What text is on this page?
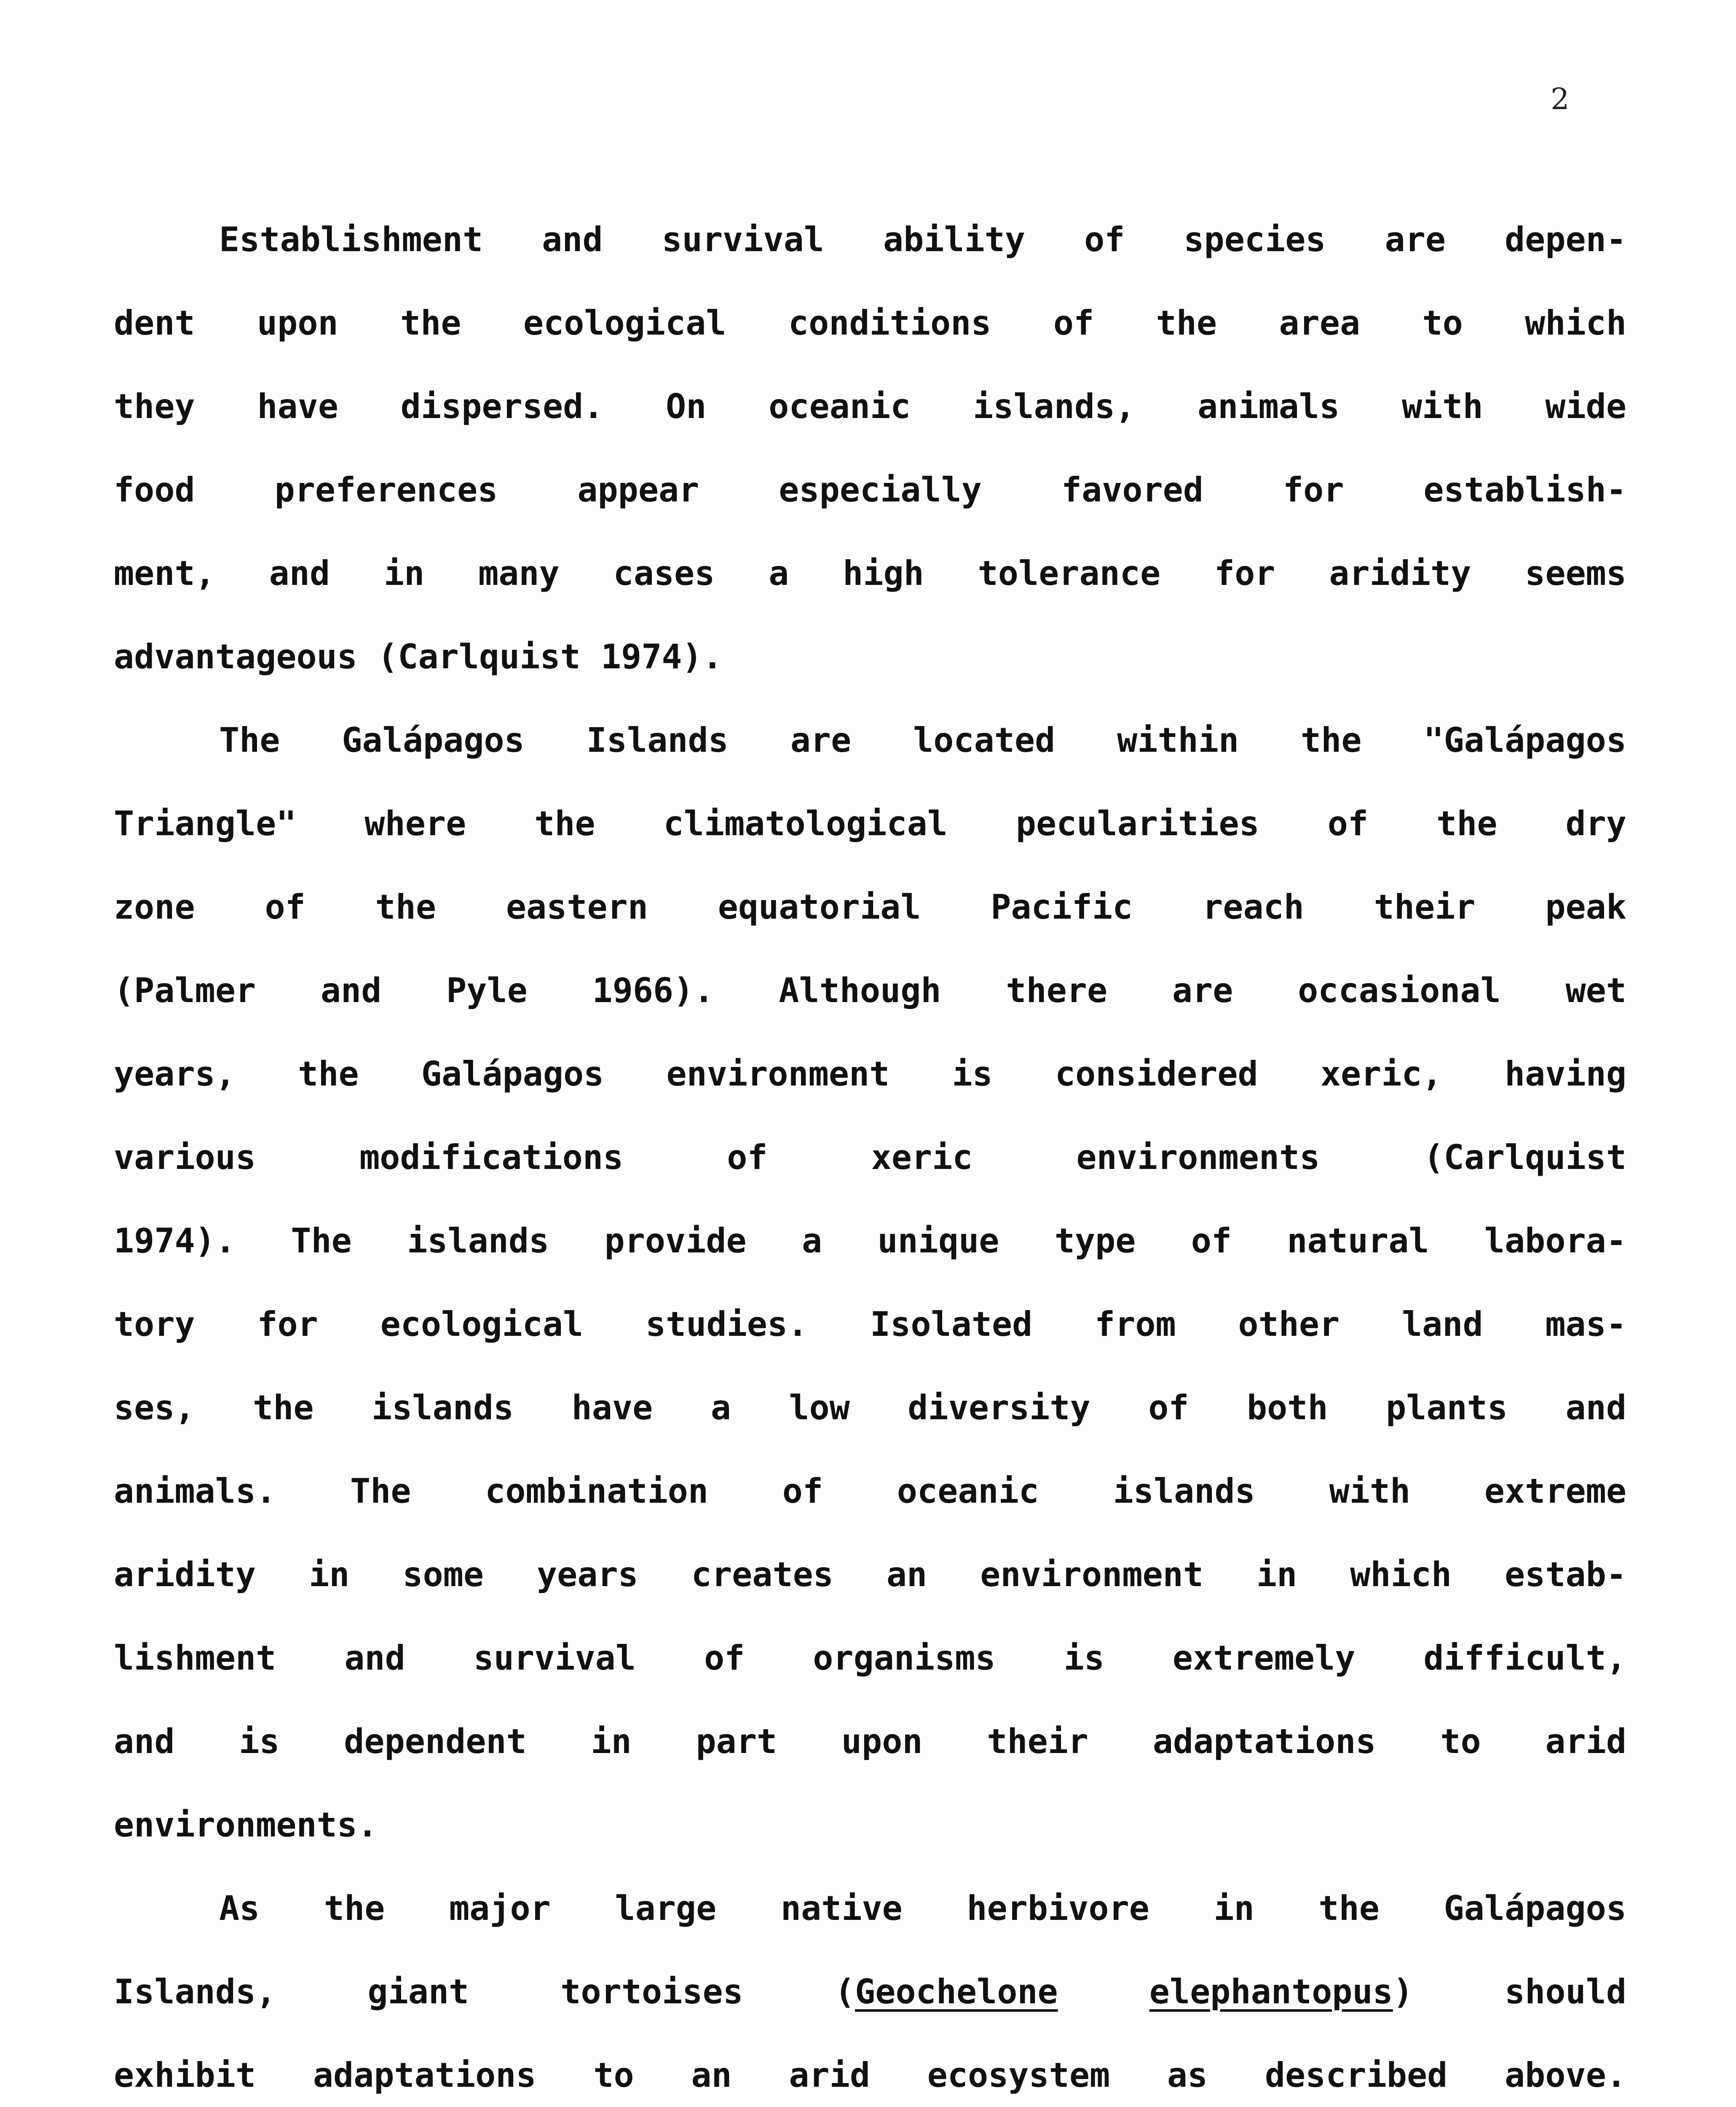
2
Establishment and survival ability of species are depen-
dent upon the ecological conditions of the area to which
they have dispersed. On oceanic islands, animals with wide
food preferences appear especially favored for establish-
ment, and in many cases a high tolerance for aridity seems
advantageous (Carlquist 1974).
The Galápagos Islands are located within the "Galápagos
Triangle" where the climatological pecularities of the dry
zone of the eastern equatorial Pacific reach their peak
(Palmer and Pyle 1966). Although there are occasional wet
years, the Galápagos environment is considered xeric, having
various modifications of xeric environments (Carlquist
1974). The islands provide a unique type of natural labora-
tory for ecological studies. Isolated from other land mas-
ses, the islands have a low diversity of both plants and
animals. The combination of oceanic islands with extreme
aridity in some years creates an environment in which estab-
lishment and survival of organisms is extremely difficult,
and is dependent in part upon their adaptations to arid
environments.
As the major large native herbivore in the Galápagos
Islands, giant tortoises (Geochelone	elephantopus) should
exhibit adaptations to an arid ecosystem as described above.
